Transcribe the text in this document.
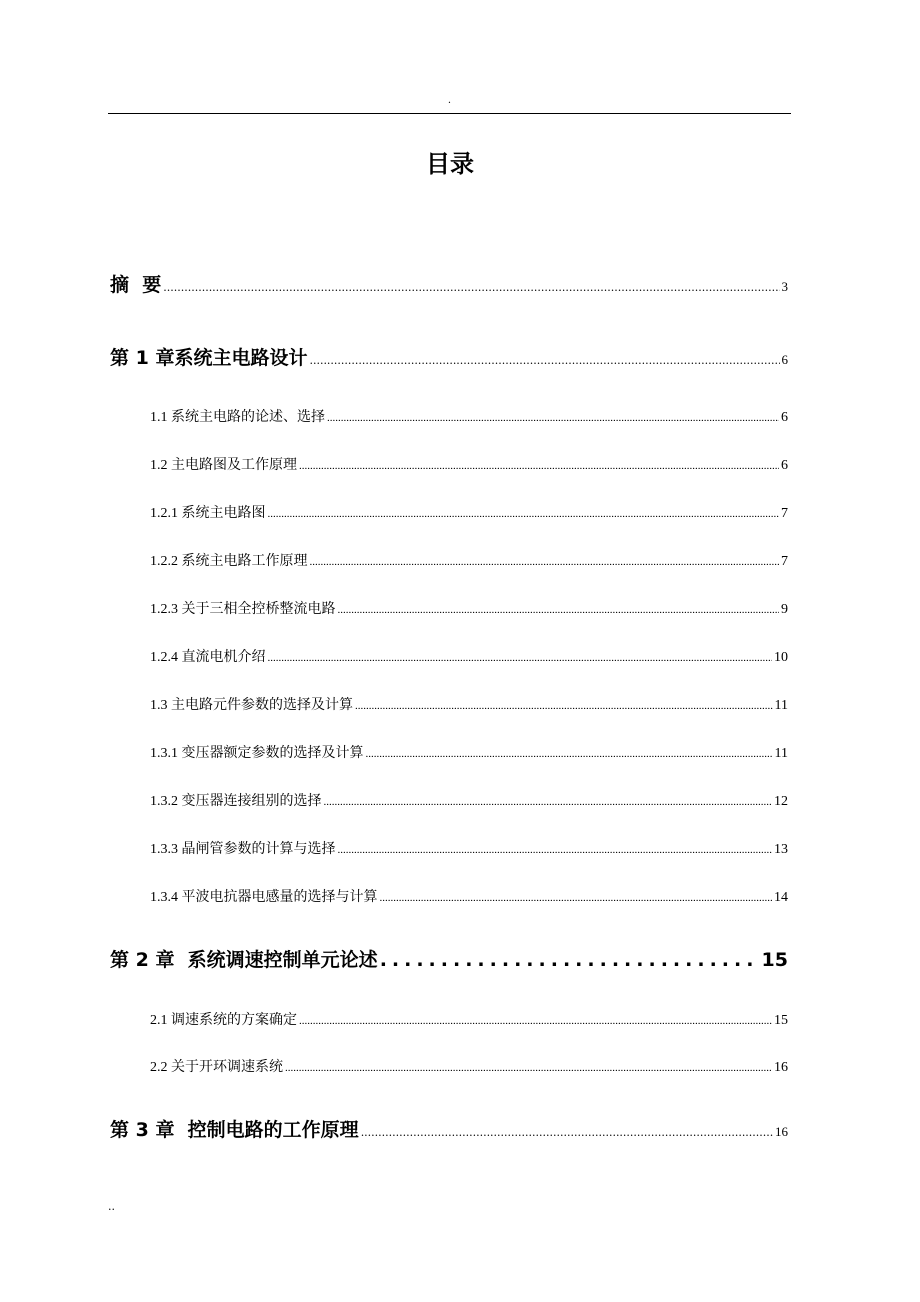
.
目录
摘  要 .....	3
第 1 章系统主电路设计 .....	6
1.1 系统主电路的论述、选择 .....	6
1.2 主电路图及工作原理 .....	6
1.2.1 系统主电路图 .....	7
1.2.2 系统主电路工作原理 .....	7
1.2.3 关于三相全控桥整流电路 .....	9
1.2.4 直流电机介绍 .....	10
1.3 主电路元件参数的选择及计算 .....	11
1.3.1 变压器额定参数的选择及计算 .....	11
1.3.2 变压器连接组别的选择 .....	12
1.3.3 晶闸管参数的计算与选择 .....	13
1.3.4 平波电抗器电感量的选择与计算 .....	14
第 2 章  系统调速控制单元论述 .....	15
2.1 调速系统的方案确定 .....	15
2.2 关于开环调速系统 .....	16
第 3 章  控制电路的工作原理 .....	16
..
